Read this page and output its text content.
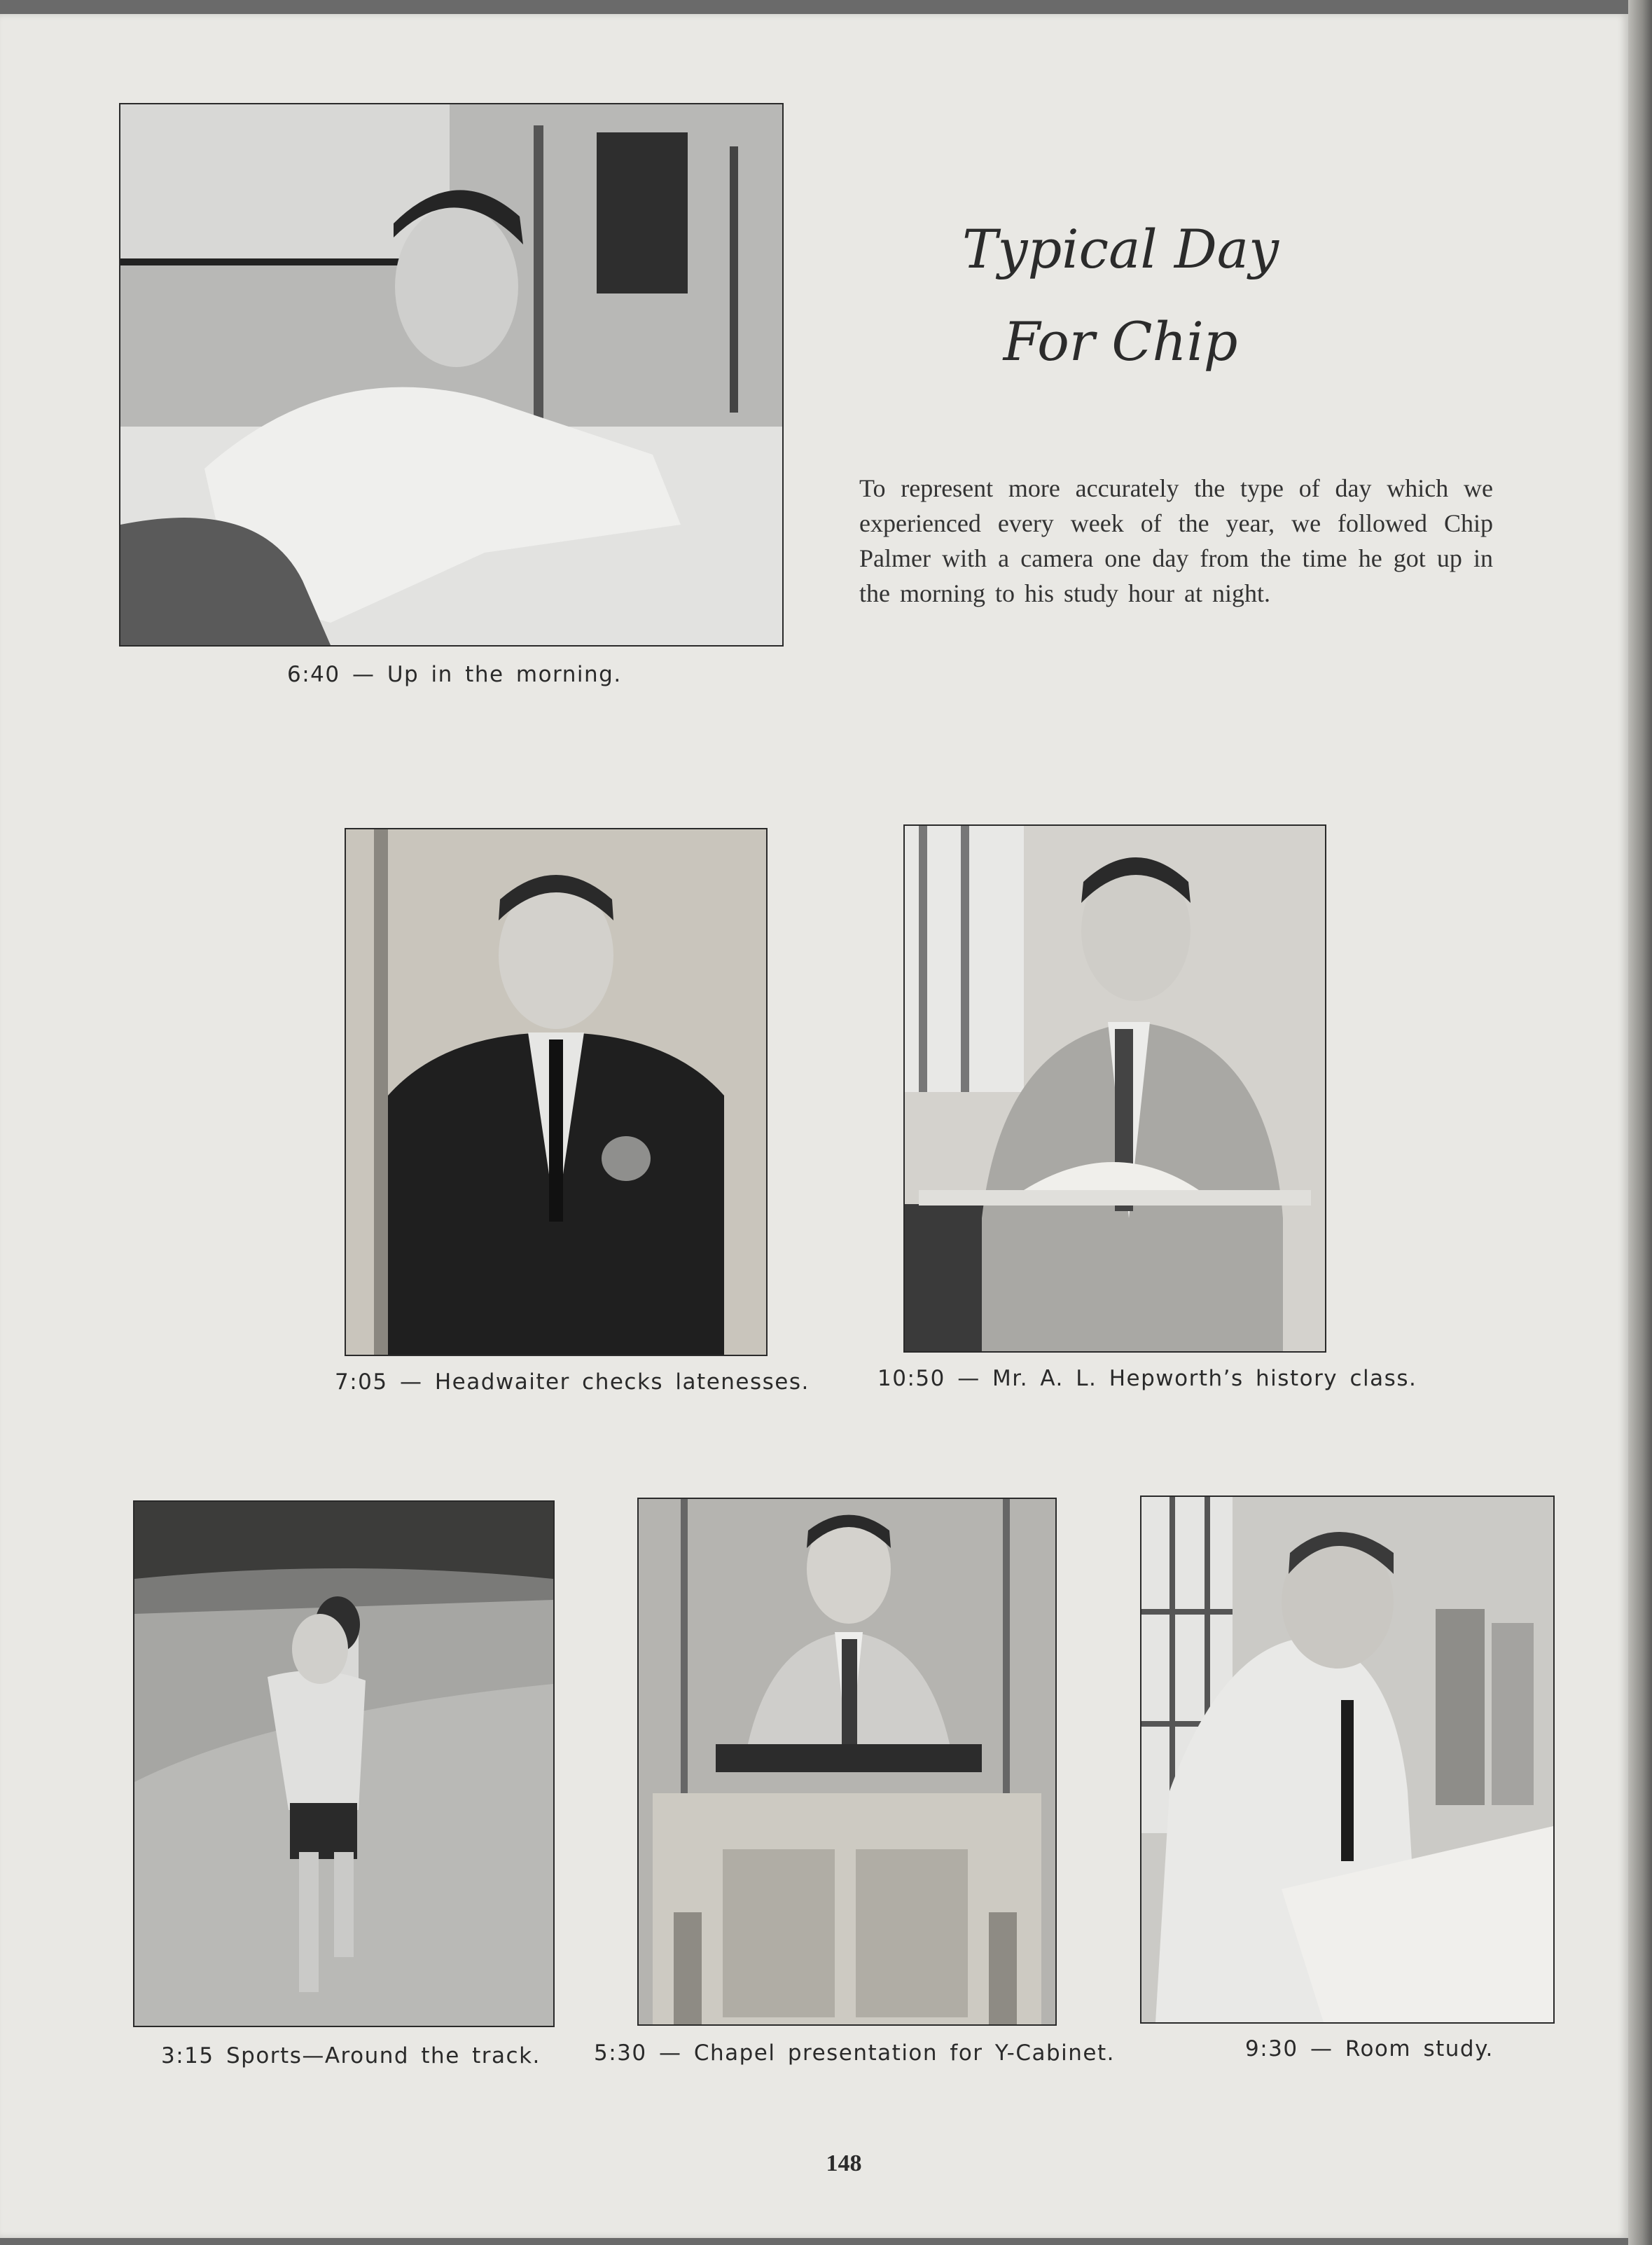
6:40 — Up in the morning.

Typical Day
For Chip

To represent more accurately the type of day which we experienced every week of the year, we followed Chip Palmer with a camera one day from the time he got up in the morning to his study hour at night.

7:05 — Headwaiter checks latenesses.	10:50 — Mr. A. L. Hepworth’s history class.

3:15 Sports—Around the track. 5:30 — Chapel presentation for Y-Cabinet.	9:30 — Room study.

148
